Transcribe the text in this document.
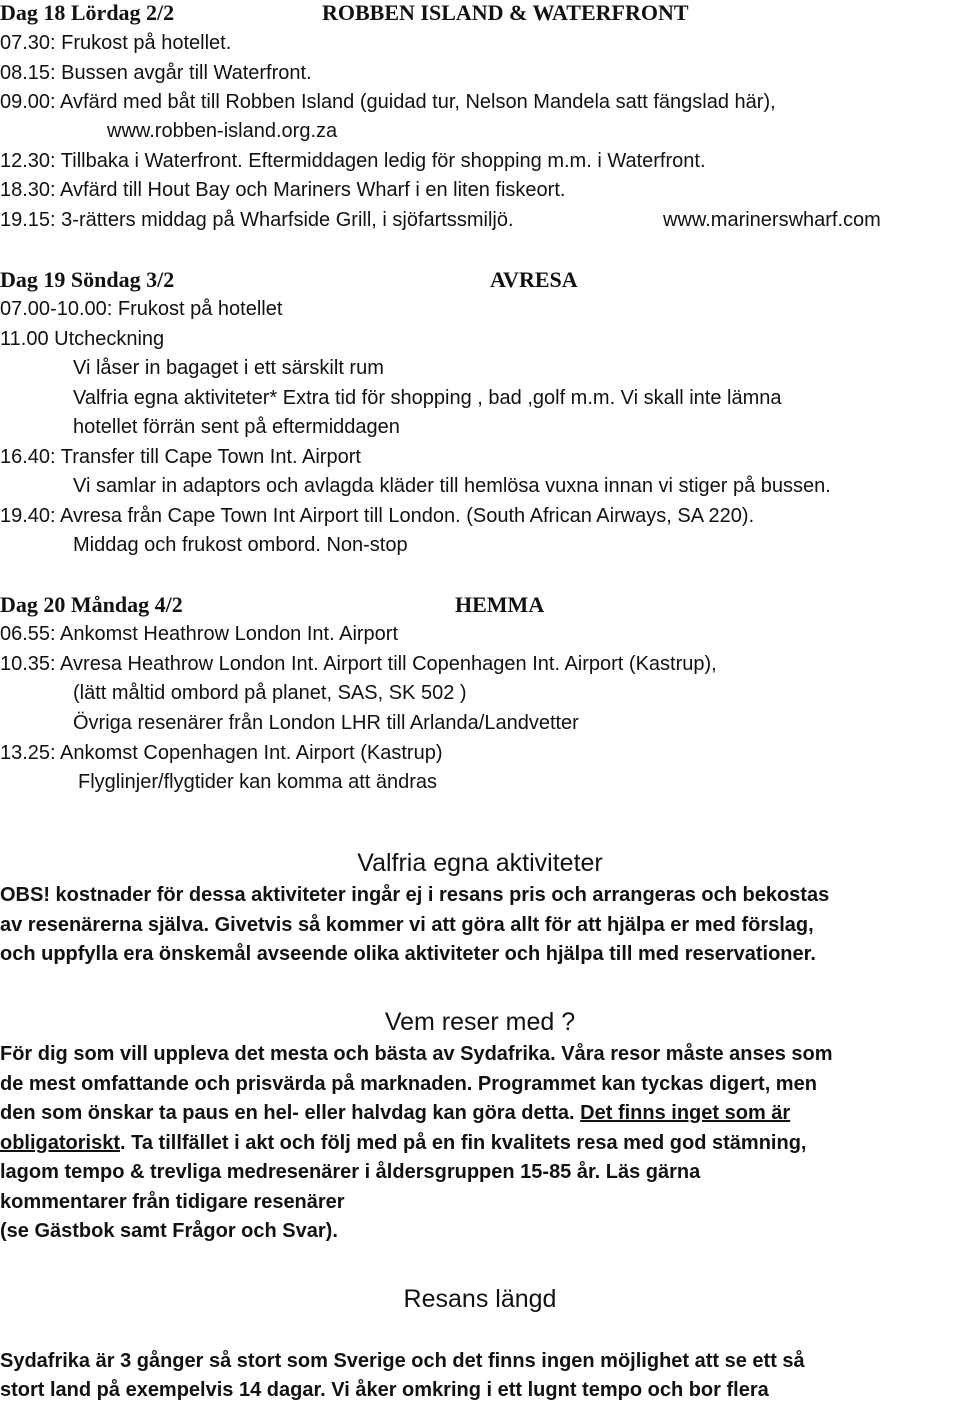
Dag 18 Lördag 2/2	ROBBEN ISLAND & WATERFRONT
07.30: Frukost på hotellet.
08.15: Bussen avgår till Waterfront.
09.00: Avfärd med båt till Robben Island (guidad tur, Nelson Mandela satt fängslad här),
www.robben-island.org.za
12.30: Tillbaka i Waterfront. Eftermiddagen ledig för shopping m.m. i Waterfront.
18.30: Avfärd till Hout Bay och Mariners Wharf i en liten fiskeort.
19.15: 3-rätters middag på Wharfside Grill, i sjöfartssmiljö.	www.marinerswharf.com
Dag 19 Söndag 3/2	AVRESA
07.00-10.00: Frukost på hotellet
11.00 Utcheckning
Vi låser in bagaget i ett särskilt rum
Valfria egna aktiviteter* Extra tid för shopping , bad ,golf m.m. Vi skall inte lämna
hotellet förrän sent på eftermiddagen
16.40: Transfer till Cape Town Int. Airport
Vi samlar in adaptors och avlagda kläder till hemlösa vuxna innan vi stiger på bussen.
19.40: Avresa från Cape Town Int Airport till London. (South African Airways, SA 220).
Middag och frukost ombord. Non-stop
Dag 20 Måndag 4/2	HEMMA
06.55: Ankomst Heathrow London Int. Airport
10.35: Avresa Heathrow London Int. Airport till Copenhagen Int. Airport (Kastrup),
(lätt måltid ombord på planet, SAS, SK 502 )
Övriga resenärer från London LHR till Arlanda/Landvetter
13.25: Ankomst Copenhagen Int. Airport (Kastrup)
Flyglinjer/flygtider kan komma att ändras
Valfria egna aktiviteter
OBS! kostnader för dessa aktiviteter ingår ej i resans pris och arrangeras och bekostas
av resenärerna själva. Givetvis så kommer vi att göra allt för att hjälpa er med förslag,
och uppfylla era önskemål avseende olika aktiviteter och hjälpa till med reservationer.
Vem reser med ?
För dig som vill uppleva det mesta och bästa av Sydafrika. Våra resor måste anses som
de mest omfattande och prisvärda på marknaden. Programmet kan tyckas digert, men
den som önskar ta paus en hel- eller halvdag kan göra detta. Det finns inget som är
obligatoriskt. Ta tillfället i akt och följ med på en fin kvalitets resa med god stämning,
lagom tempo & trevliga medresenärer i åldersgruppen 15-85 år. Läs gärna
kommentarer från tidigare resenärer
(se Gästbok samt Frågor och Svar).
Resans längd
Sydafrika är 3 gånger så stort som Sverige och det finns ingen möjlighet att se ett så
stort land på exempelvis 14 dagar. Vi åker omkring i ett lugnt tempo och bor flera
